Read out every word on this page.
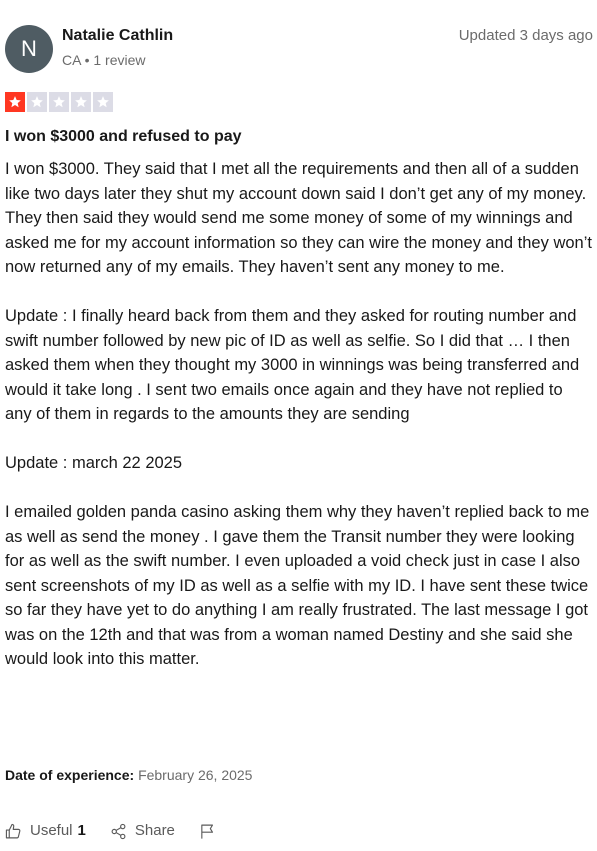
N
Natalie Cathlin
CA • 1 review
Updated 3 days ago
I won $3000 and refused to pay

I won $3000. They said that I met all the requirements and then all of a sudden like two days later they shut my account down said I don’t get any of my money. They then said they would send me some money of some of my winnings and asked me for my account information so they can wire the money and they won’t now returned any of my emails. They haven’t sent any money to me.

Update : I finally heard back from them and they asked for routing number and swift number followed by new pic of ID as well as selfie. So I did that … I then asked them when they thought my 3000 in winnings was being transferred and would it take long . I sent two emails once again and they have not replied to any of them in regards to the amounts they are sending

Update : march 22 2025

I emailed golden panda casino asking them why they haven’t replied back to me as well as send the money . I gave them the Transit number they were looking for as well as the swift number. I even uploaded a void check just in case I also sent screenshots of my ID as well as a selfie with my ID. I have sent these twice so far they have yet to do anything I am really frustrated. The last message I got was on the 12th and that was from a woman named Destiny and she said she would look into this matter.

Date of experience: February 26, 2025
Useful 1	Share
